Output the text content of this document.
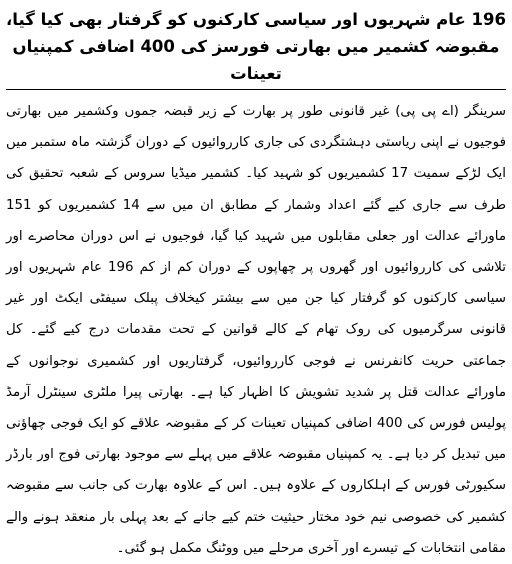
196 عام شہریوں اور سیاسی کارکنوں کو گرفتار بھی کیا گیا، مقبوضہ کشمیر میں بھارتی فورسز کی 400 اضافی کمپنیاں تعینات

سرینگر (اے پی پی) غیر قانونی طور پر بھارت کے زیر قبضہ جموں وکشمیر میں بھارتی فوجیوں نے اپنی ریاستی دہشتگردی کی جاری کارروائیوں کے دوران گزشتہ ماہ ستمبر میں ایک لڑکے سمیت 17 کشمیریوں کو شہید کیا۔ کشمیر میڈیا سروس کے شعبہ تحقیق کی طرف سے جاری کیے گئے اعداد وشمار کے مطابق ان میں سے 14 کشمیریوں کو 151 ماورائے عدالت اور جعلی مقابلوں میں شہید کیا گیا، فوجیوں نے اس دوران محاصرے اور تلاشی کی کارروائیوں اور گھروں پر چھاپوں کے دوران کم از کم 196 عام شہریوں اور سیاسی کارکنوں کو گرفتار کیا جن میں سے بیشتر کیخلاف پبلک سیفٹی ایکٹ اور غیر قانونی سرگرمیوں کی روک تھام کے کالے قوانین کے تحت مقدمات درج کیے گئے۔ کل جماعتی حریت کانفرنس نے فوجی کارروائیوں، گرفتاریوں اور کشمیری نوجوانوں کے ماورائے عدالت قتل پر شدید تشویش کا اظہار کیا ہے۔ بھارتی پیرا ملٹری سینٹرل آرمڈ پولیس فورس کی 400 اضافی کمپنیاں تعینات کر کے مقبوضہ علاقے کو ایک فوجی چھاؤنی میں تبدیل کر دیا ہے۔ یہ کمپنیاں مقبوضہ علاقے میں پہلے سے موجود بھارتی فوج اور بارڈر سکیورٹی فورس کے اہلکاروں کے علاوہ ہیں۔ اس کے علاوہ بھارت کی جانب سے مقبوضہ کشمیر کی خصوصی نیم خود مختار حیثیت ختم کیے جانے کے بعد پہلی بار منعقد ہونے والے مقامی انتخابات کے تیسرے اور آخری مرحلے میں ووٹنگ مکمل ہو گئی۔
